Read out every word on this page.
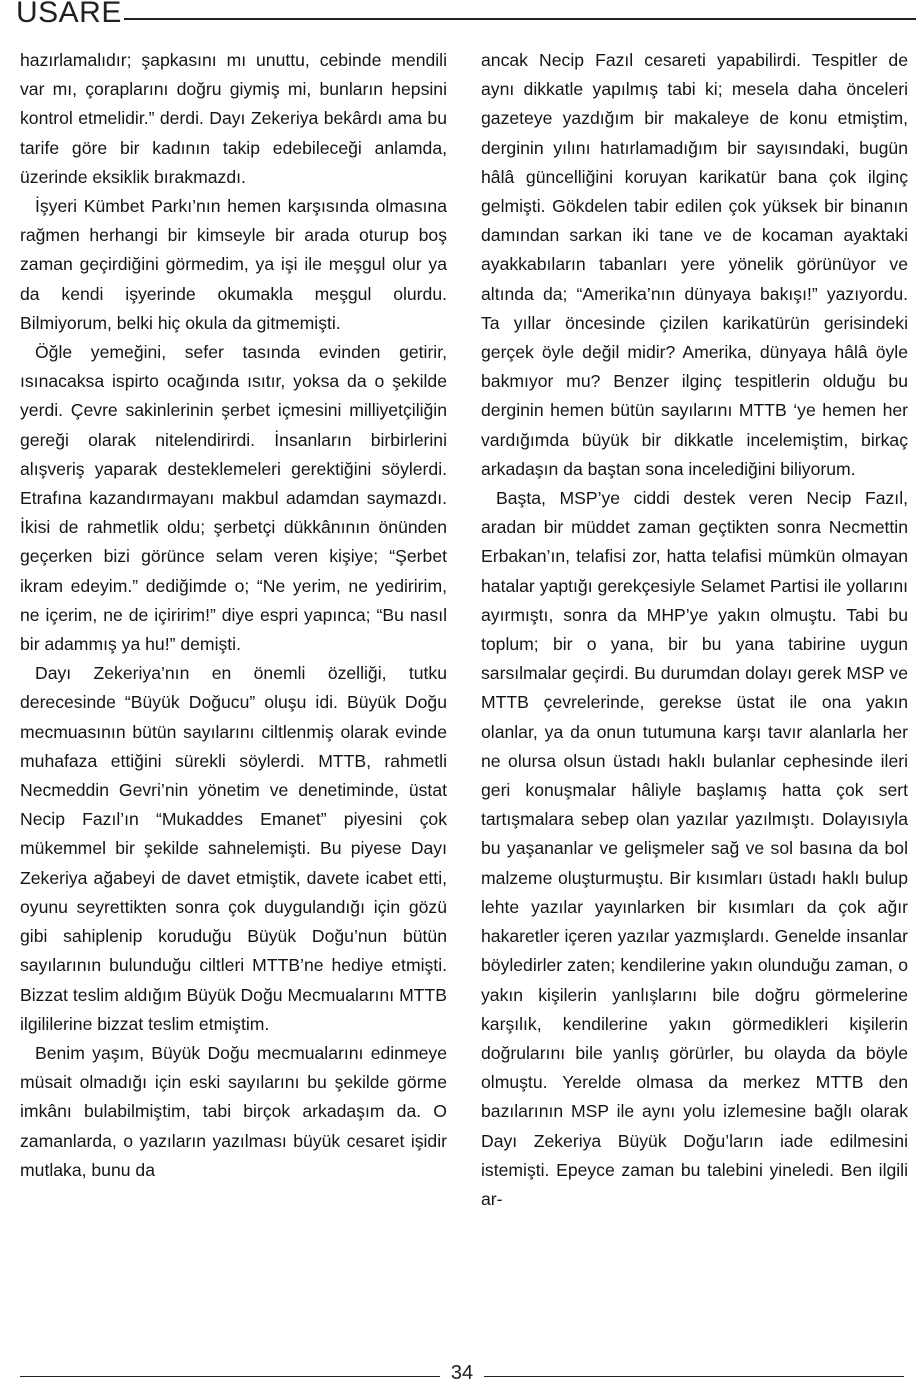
USARE

hazırlamalıdır; şapkasını mı unuttu, cebinde mendili var mı, çoraplarını doğru giymiş mi, bunların hepsini kontrol etmelidir.” derdi. Dayı Zekeriya bekârdı ama bu tarife göre bir kadının takip edebileceği anlamda, üzerinde eksiklik bırakmazdı.

İşyeri Kümbet Parkı’nın hemen karşısında olmasına rağmen herhangi bir kimseyle bir arada oturup boş zaman geçirdiğini görmedim, ya işi ile meşgul olur ya da kendi işyerinde okumakla meşgul olurdu. Bilmiyorum, belki hiç okula da gitmemişti.

Öğle yemeğini, sefer tasında evinden getirir, ısınacaksa ispirto ocağında ısıtır, yoksa da o şekilde yerdi. Çevre sakinlerinin şerbet içmesini milliyetçiliğin gereği olarak nitelendirirdi. İnsanların birbirlerini alışveriş yaparak desteklemeleri gerektiğini söylerdi. Etrafına kazandırmayanı makbul adamdan saymazdı. İkisi de rahmetlik oldu; şerbetçi dükkânının önünden geçerken bizi görünce selam veren kişiye; “Şerbet ikram edeyim.” dediğimde o; “Ne yerim, ne yediririm, ne içerim, ne de içiririm!” diye espri yapınca; “Bu nasıl bir adammış ya hu!” demişti.

Dayı Zekeriya’nın en önemli özelliği, tutku derecesinde “Büyük Doğucu” oluşu idi. Büyük Doğu mecmuasının bütün sayılarını ciltlenmiş olarak evinde muhafaza ettiğini sürekli söylerdi. MTTB, rahmetli Necmeddin Gevri’nin yönetim ve denetiminde, üstat Necip Fazıl’ın “Mukaddes Emanet” piyesini çok mükemmel bir şekilde sahnelemişti. Bu piyese Dayı Zekeriya ağabeyi de davet etmiştik, davete icabet etti, oyunu seyrettikten sonra çok duygulandığı için gözü gibi sahiplenip koruduğu Büyük Doğu’nun bütün sayılarının bulunduğu ciltleri MTTB’ne hediye etmişti. Bizzat teslim aldığım Büyük Doğu Mecmualarını MTTB ilgililerine bizzat teslim etmiştim.

Benim yaşım, Büyük Doğu mecmualarını edinmeye müsait olmadığı için eski sayılarını bu şekilde görme imkânı bulabilmiştim, tabi birçok arkadaşım da. O zamanlarda, o yazıların yazılması büyük cesaret işidir mutlaka, bunu da

ancak Necip Fazıl cesareti yapabilirdi. Tespitler de aynı dikkatle yapılmış tabi ki; mesela daha önceleri gazeteye yazdığım bir makaleye de konu etmiştim, derginin yılını hatırlamadığım bir sayısındaki, bugün hâlâ güncelliğini koruyan karikatür bana çok ilginç gelmişti. Gökdelen tabir edilen çok yüksek bir binanın damından sarkan iki tane ve de kocaman ayaktaki ayakkabıların tabanları yere yönelik görünüyor ve altında da; “Amerika’nın dünyaya bakışı!” yazıyordu. Ta yıllar öncesinde çizilen karikatürün gerisindeki gerçek öyle değil midir? Amerika, dünyaya hâlâ öyle bakmıyor mu? Benzer ilginç tespitlerin olduğu bu derginin hemen bütün sayılarını MTTB ‘ye hemen her vardığımda büyük bir dikkatle incelemiştim, birkaç arkadaşın da baştan sona incelediğini biliyorum.

Başta, MSP’ye ciddi destek veren Necip Fazıl, aradan bir müddet zaman geçtikten sonra Necmettin Erbakan’ın, telafisi zor, hatta telafisi mümkün olmayan hatalar yaptığı gerekçesiyle Selamet Partisi ile yollarını ayırmıştı, sonra da MHP’ye yakın olmuştu. Tabi bu toplum; bir o yana, bir bu yana tabirine uygun sarsılmalar geçirdi. Bu durumdan dolayı gerek MSP ve MTTB çevrelerinde, gerekse üstat ile ona yakın olanlar, ya da onun tutumuna karşı tavır alanlarla her ne olursa olsun üstadı haklı bulanlar cephesinde ileri geri konuşmalar hâliyle başlamış hatta çok sert tartışmalara sebep olan yazılar yazılmıştı. Dolayısıyla bu yaşananlar ve gelişmeler sağ ve sol basına da bol malzeme oluşturmuştu. Bir kısımları üstadı haklı bulup lehte yazılar yayınlarken bir kısımları da çok ağır hakaretler içeren yazılar yazmışlardı. Genelde insanlar böyledirler zaten; kendilerine yakın olunduğu zaman, o yakın kişilerin yanlışlarını bile doğru görmelerine karşılık, kendilerine yakın görmedikleri kişilerin doğrularını bile yanlış görürler, bu olayda da böyle olmuştu. Yerelde olmasa da merkez MTTB den bazılarının MSP ile aynı yolu izlemesine bağlı olarak Dayı Zekeriya Büyük Doğu’ların iade edilmesini istemişti. Epeyce zaman bu talebini yineledi. Ben ilgili ar-

34
